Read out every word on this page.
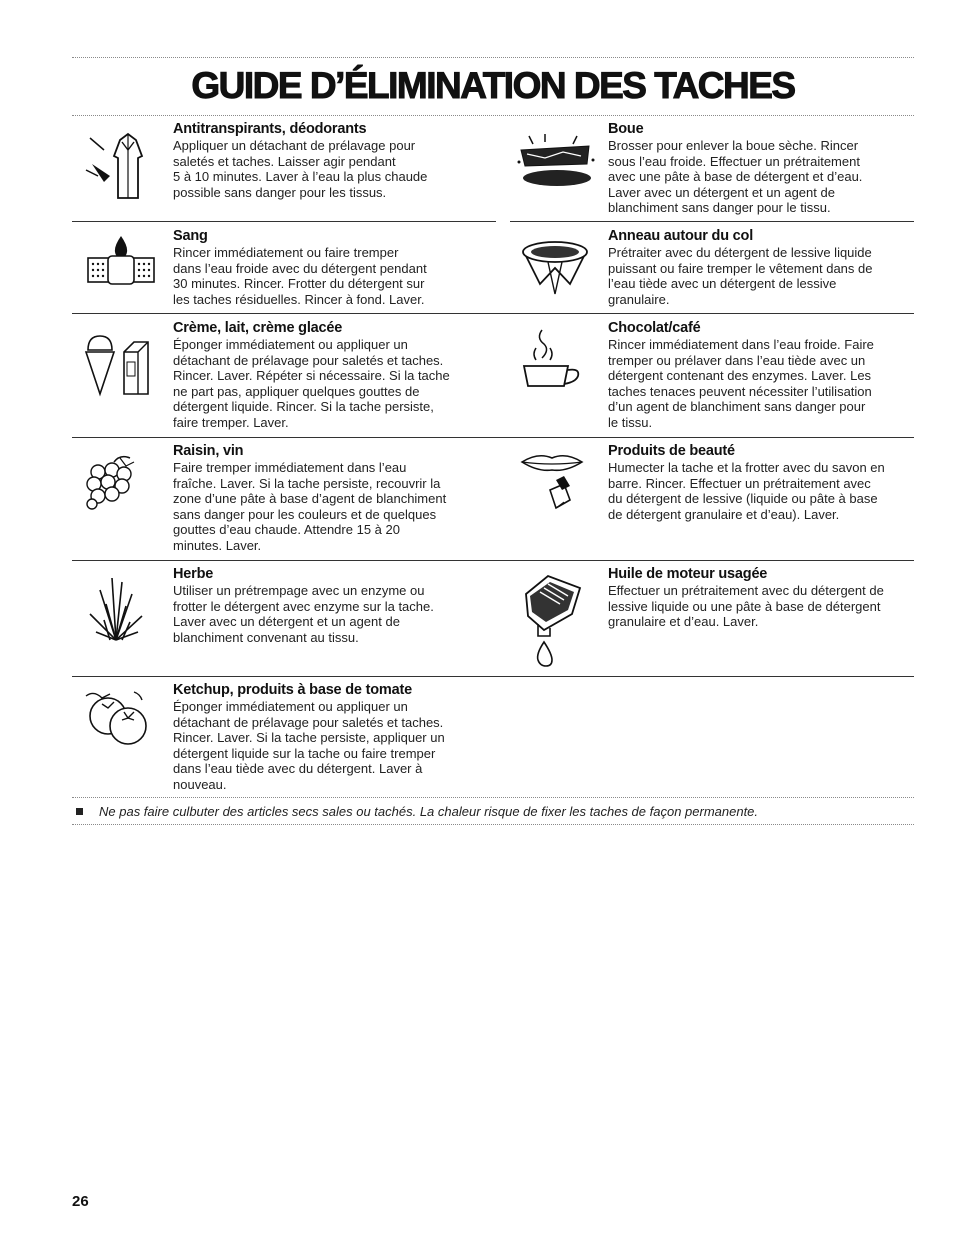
GUIDE D’ÉLIMINATION DES TACHES
Antitranspirants, déodorants

Appliquer un détachant de prélavage pour
saletés et taches. Laisser agir pendant
5 à 10 minutes. Laver à l’eau la plus chaude
possible sans danger pour les tissus.

Boue

Brosser pour enlever la boue sèche. Rincer
sous l’eau froide. Effectuer un prétraitement
avec une pâte à base de détergent et d’eau.
Laver avec un détergent et un agent de
blanchiment sans danger pour le tissu.

Sang

Rincer immédiatement ou faire tremper
dans l’eau froide avec du détergent pendant
30 minutes. Rincer. Frotter du détergent sur
les taches résiduelles. Rincer à fond. Laver.

Anneau autour du col

Prétraiter avec du détergent de lessive liquide
puissant ou faire tremper le vêtement dans de
l’eau tiède avec un détergent de lessive
granulaire.

Crème, lait, crème glacée

Éponger immédiatement ou appliquer un
détachant de prélavage pour saletés et taches.
Rincer. Laver. Répéter si nécessaire. Si la tache
ne part pas, appliquer quelques gouttes de
détergent liquide. Rincer. Si la tache persiste,
faire tremper. Laver.

Chocolat/café

Rincer immédiatement dans l’eau froide. Faire
tremper ou prélaver dans l’eau tiède avec un
détergent contenant des enzymes. Laver. Les
taches tenaces peuvent nécessiter l’utilisation
d’un agent de blanchiment sans danger pour
le tissu.

Raisin, vin

Faire tremper immédiatement dans l’eau
fraîche. Laver. Si la tache persiste, recouvrir la
zone d’une pâte à base d’agent de blanchiment
sans danger pour les couleurs et de quelques
gouttes d’eau chaude. Attendre 15 à 20
minutes. Laver.

Produits de beauté

Humecter la tache et la frotter avec du savon en
barre. Rincer. Effectuer un prétraitement avec
du détergent de lessive (liquide ou pâte à base
de détergent granulaire et d’eau). Laver.

Herbe

Utiliser un prétrempage avec un enzyme ou
frotter le détergent avec enzyme sur la tache.
Laver avec un détergent et un agent de
blanchiment convenant au tissu.

Huile de moteur usagée

Effectuer un prétraitement avec du détergent de
lessive liquide ou une pâte à base de détergent
granulaire et d’eau. Laver.

Ketchup, produits à base de tomate

Éponger immédiatement ou appliquer un
détachant de prélavage pour saletés et taches.
Rincer. Laver. Si la tache persiste, appliquer un
détergent liquide sur la tache ou faire tremper
dans l’eau tiède avec du détergent. Laver à
nouveau.

Ne pas faire culbuter des articles secs sales ou tachés. La chaleur risque de fixer les taches de façon permanente.
26
